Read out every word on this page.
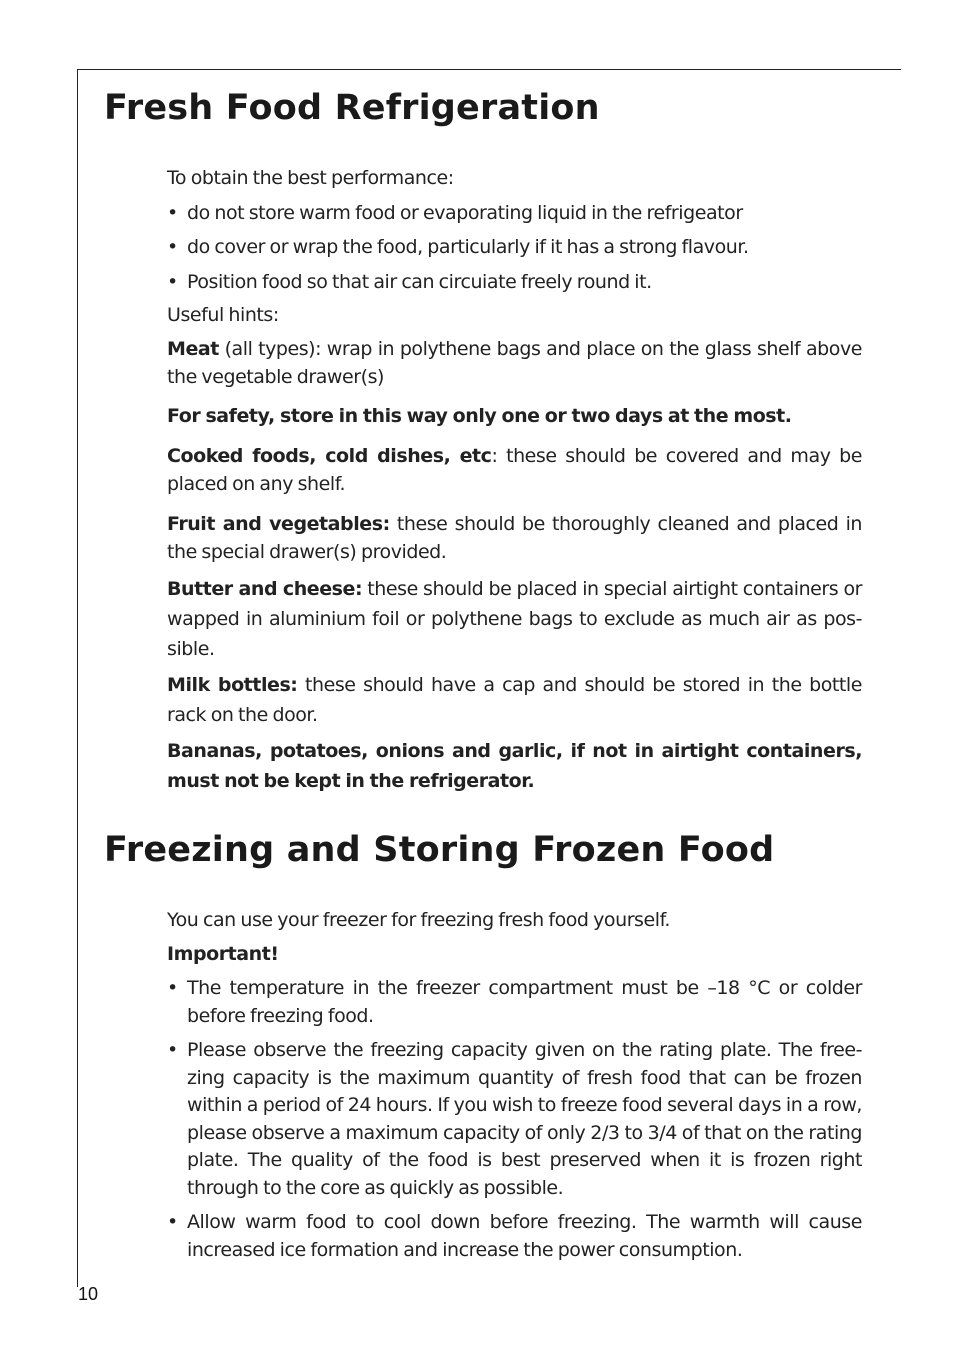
Fresh Food Refrigeration

To obtain the best performance:

• do not store warm food or evaporating liquid in the refrigeator

• do cover or wrap the food, particularly if it has a strong flavour.

• Position food so that air can circuiate freely round it.

Useful hints:

Meat (all types): wrap in polythene bags and place on the glass shelf above the vegetable drawer(s)

For safety, store in this way only one or two days at the most.

Cooked foods, cold dishes, etc: these should be covered and may be placed on any shelf.

Fruit and vegetables: these should be thoroughly cleaned and placed in the special drawer(s) provided.

Butter and cheese: these should be placed in special airtight containers or wapped in aluminium foil or polythene bags to exclude as much air as pos-sible.

Milk bottles: these should have a cap and should be stored in the bottle rack on the door.

Bananas, potatoes, onions and garlic, if not in airtight containers, must not be kept in the refrigerator.

Freezing and Storing Frozen Food

You can use your freezer for freezing fresh food yourself.

Important!

• The temperature in the freezer compartment must be –18 °C or colder before freezing food.

• Please observe the freezing capacity given on the rating plate. The free-zing capacity is the maximum quantity of fresh food that can be frozen within a period of 24 hours. If you wish to freeze food several days in a row, please observe a maximum capacity of only 2/3 to 3/4 of that on the rating plate. The quality of the food is best preserved when it is frozen right through to the core as quickly as possible.

• Allow warm food to cool down before freezing. The warmth will cause increased ice formation and increase the power consumption.

10
